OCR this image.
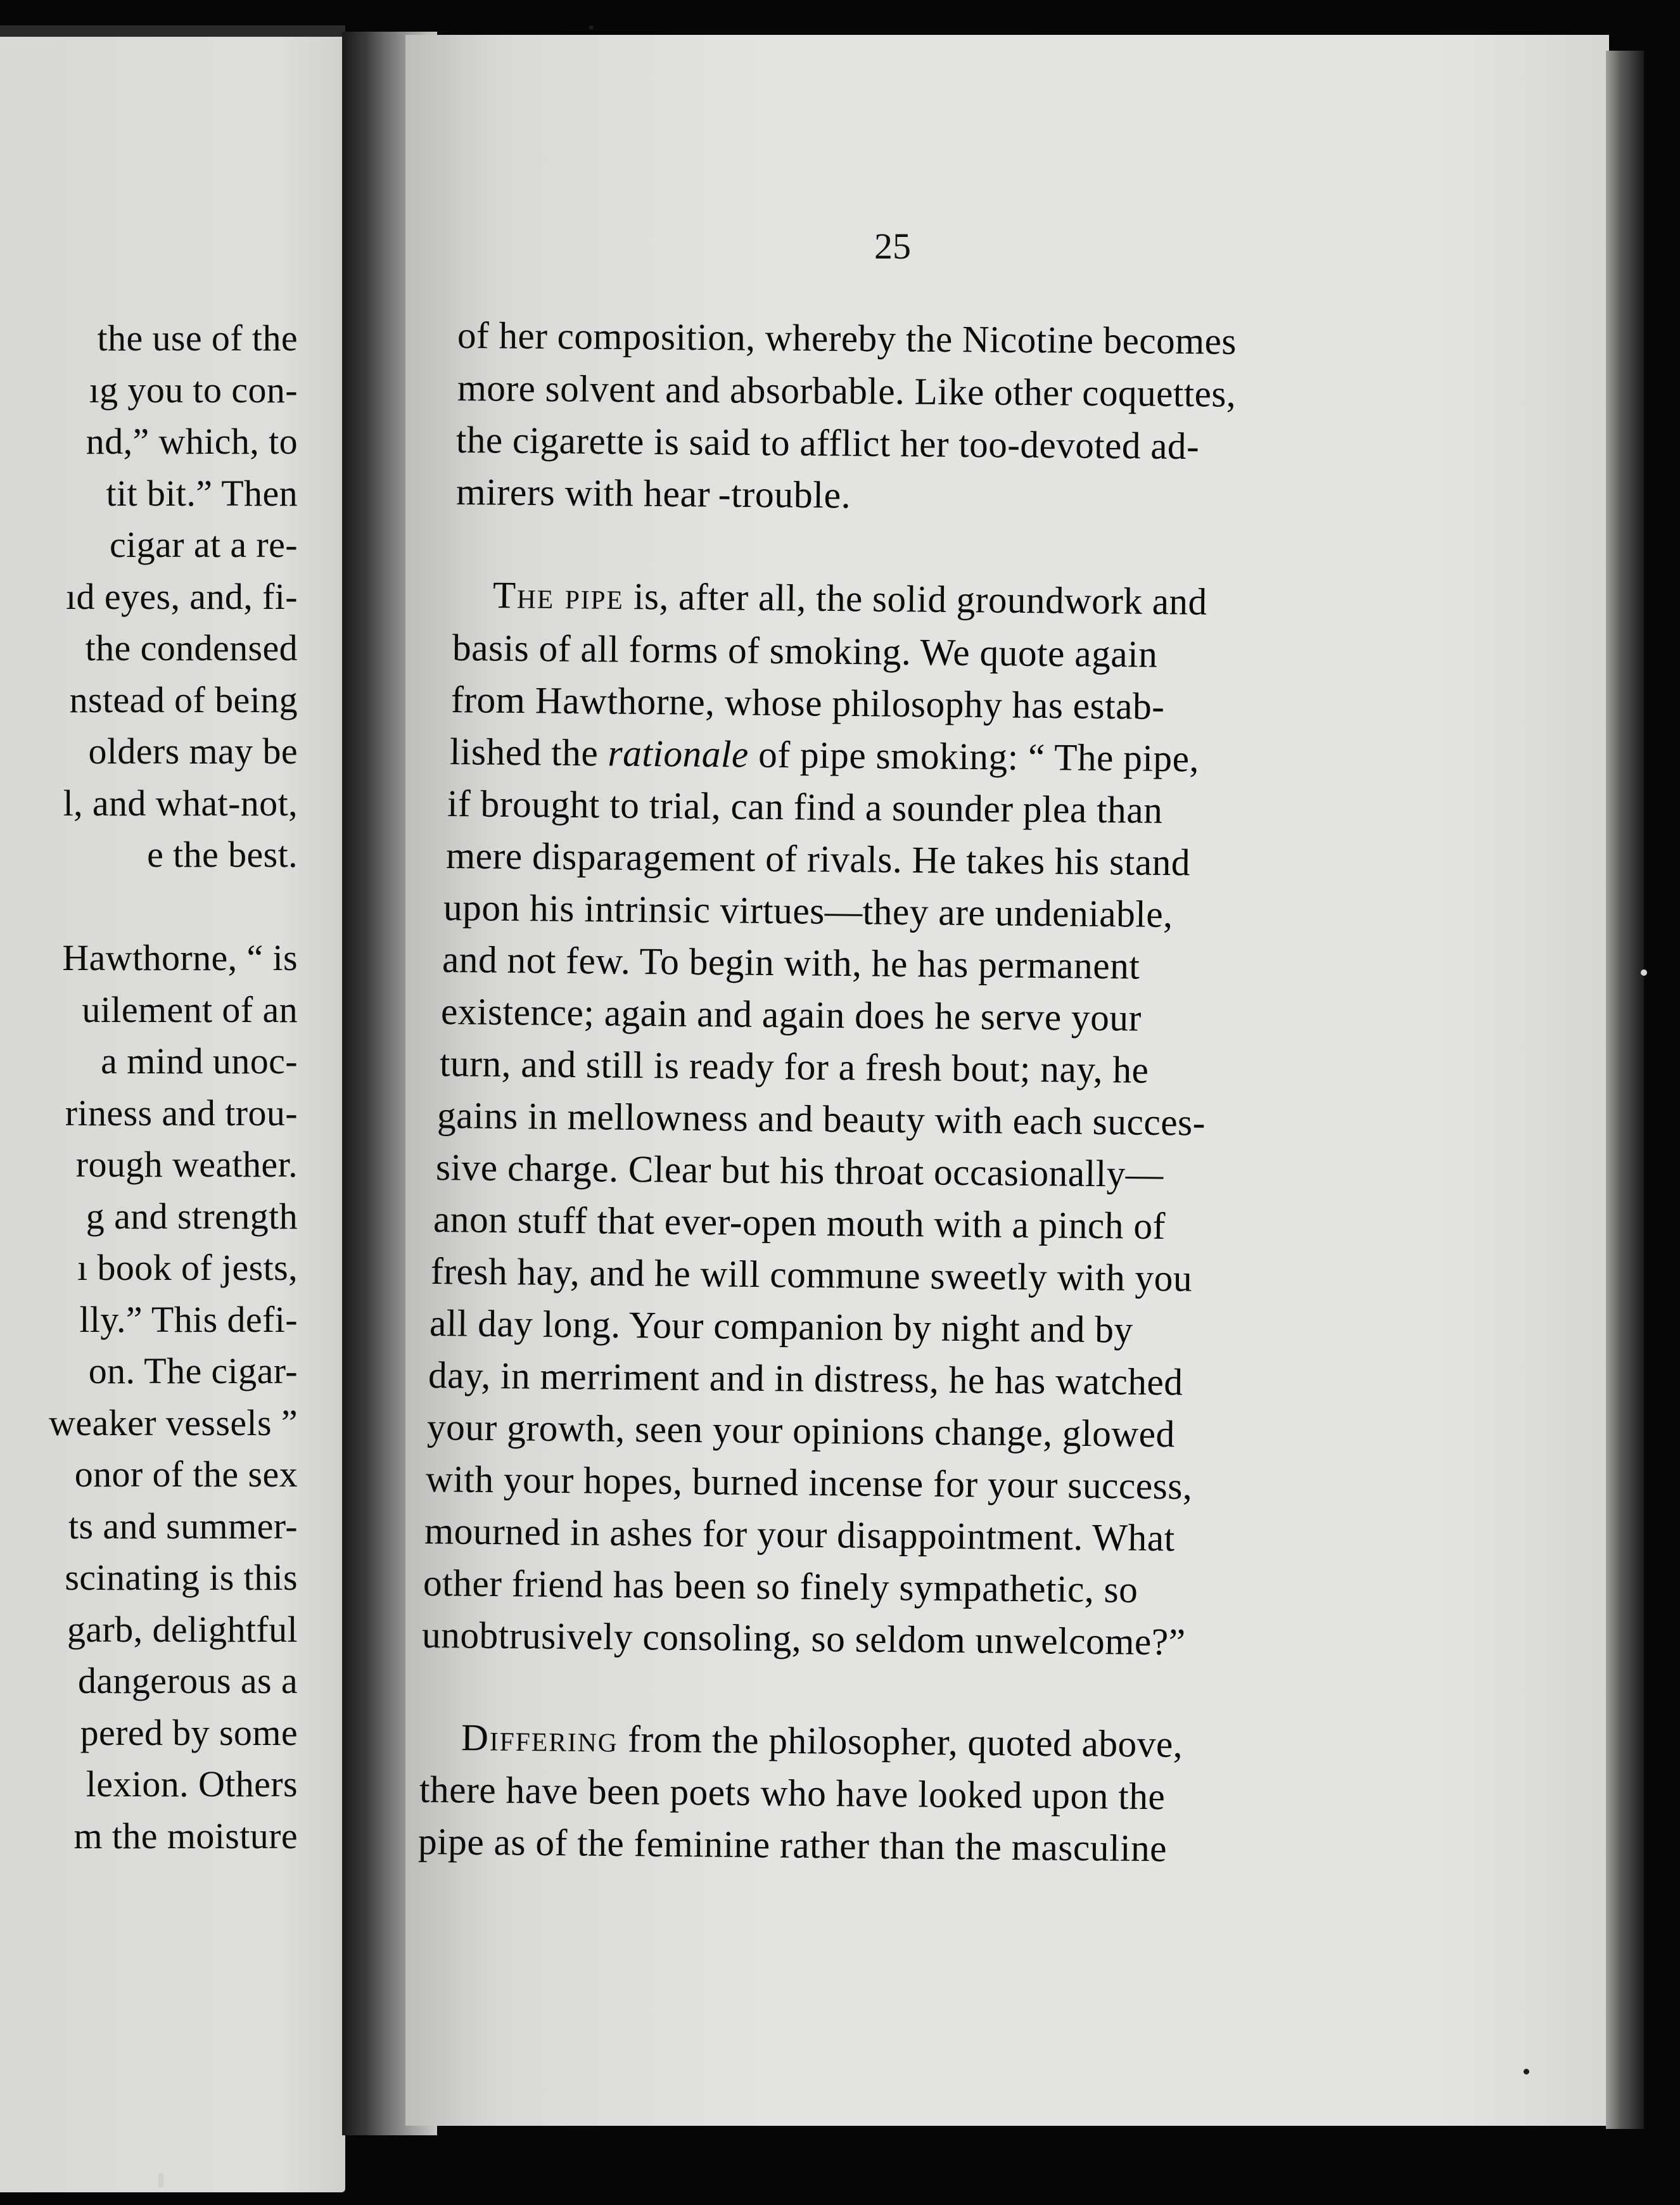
the use of the
ıg you to con-
nd,” which, to
tit bit.” Then
cigar at a re-
ıd eyes, and, fi-
the condensed
nstead of being
olders may be
l, and what-not,
e the best.
Hawthorne, “ is
uilement of an
a mind unoc-
riness and trou-
rough weather.
g and strength
ı book of jests,
lly.” This defi-
on. The cigar-
weaker vessels ”
onor of the sex
ts and summer-
scinating is this
garb, delightful
dangerous as a
pered by some
lexion. Others
m the moisture
25
of her composition, whereby the Nicotine becomes
more solvent and absorbable. Like other coquettes,
the cigarette is said to afflict her too-devoted ad-
mirers with hear -trouble.
The pipe is, after all, the solid groundwork and
basis of all forms of smoking. We quote again
from Hawthorne, whose philosophy has estab-
lished the rationale of pipe smoking: “ The pipe,
if brought to trial, can find a sounder plea than
mere disparagement of rivals. He takes his stand
upon his intrinsic virtues—they are undeniable,
and not few. To begin with, he has permanent
existence; again and again does he serve your
turn, and still is ready for a fresh bout; nay, he
gains in mellowness and beauty with each succes-
sive charge. Clear but his throat occasionally—
anon stuff that ever-open mouth with a pinch of
fresh hay, and he will commune sweetly with you
all day long. Your companion by night and by
day, in merriment and in distress, he has watched
your growth, seen your opinions change, glowed
with your hopes, burned incense for your success,
mourned in ashes for your disappointment. What
other friend has been so finely sympathetic, so
unobtrusively consoling, so seldom unwelcome?”
Differing from the philosopher, quoted above,
there have been poets who have looked upon the
pipe as of the feminine rather than the masculine
